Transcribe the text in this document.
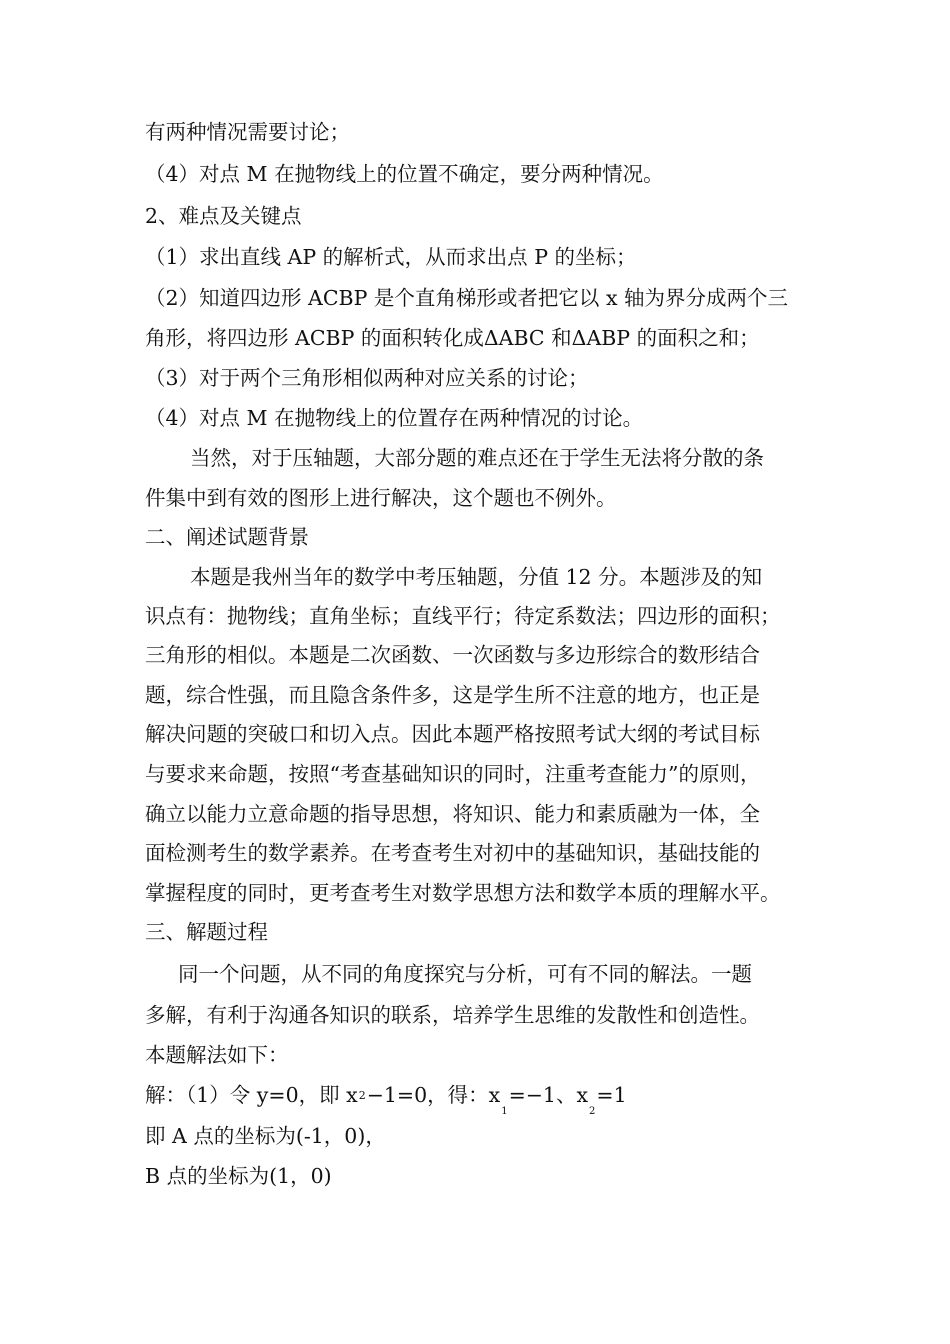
有两种情况需要讨论；
（4）对点 M 在抛物线上的位置不确定，要分两种情况。
2、难点及关键点
（1）求出直线 AP 的解析式，从而求出点 P 的坐标；
（2）知道四边形 ACBP 是个直角梯形或者把它以 x 轴为界分成两个三
角形，将四边形 ACBP 的面积转化成ΔABC 和ΔABP 的面积之和；
（3）对于两个三角形相似两种对应关系的讨论；
（4）对点 M 在抛物线上的位置存在两种情况的讨论。
当然，对于压轴题，大部分题的难点还在于学生无法将分散的条
件集中到有效的图形上进行解决，这个题也不例外。
二、阐述试题背景
本题是我州当年的数学中考压轴题，分值 12 分。本题涉及的知
识点有：抛物线；直角坐标；直线平行；待定系数法；四边形的面积；
三角形的相似。本题是二次函数、一次函数与多边形综合的数形结合
题，综合性强，而且隐含条件多，这是学生所不注意的地方，也正是
解决问题的突破口和切入点。因此本题严格按照考试大纲的考试目标
与要求来命题，按照“考查基础知识的同时，注重考查能力”的原则，
确立以能力立意命题的指导思想，将知识、能力和素质融为一体，全
面检测考生的数学素养。在考查考生对初中的基础知识，基础技能的
掌握程度的同时，更考查考生对数学思想方法和数学本质的理解水平。
三、解题过程
同一个问题，从不同的角度探究与分析，可有不同的解法。一题
多解，有利于沟通各知识的联系，培养学生思维的发散性和创造性。
本题解法如下：
解：（1）令 y=0，即 x2−1=0，得：$x_1=-1$、$x_2=1$
即 A 点的坐标为(-1，0)，
B 点的坐标为(1，0)
